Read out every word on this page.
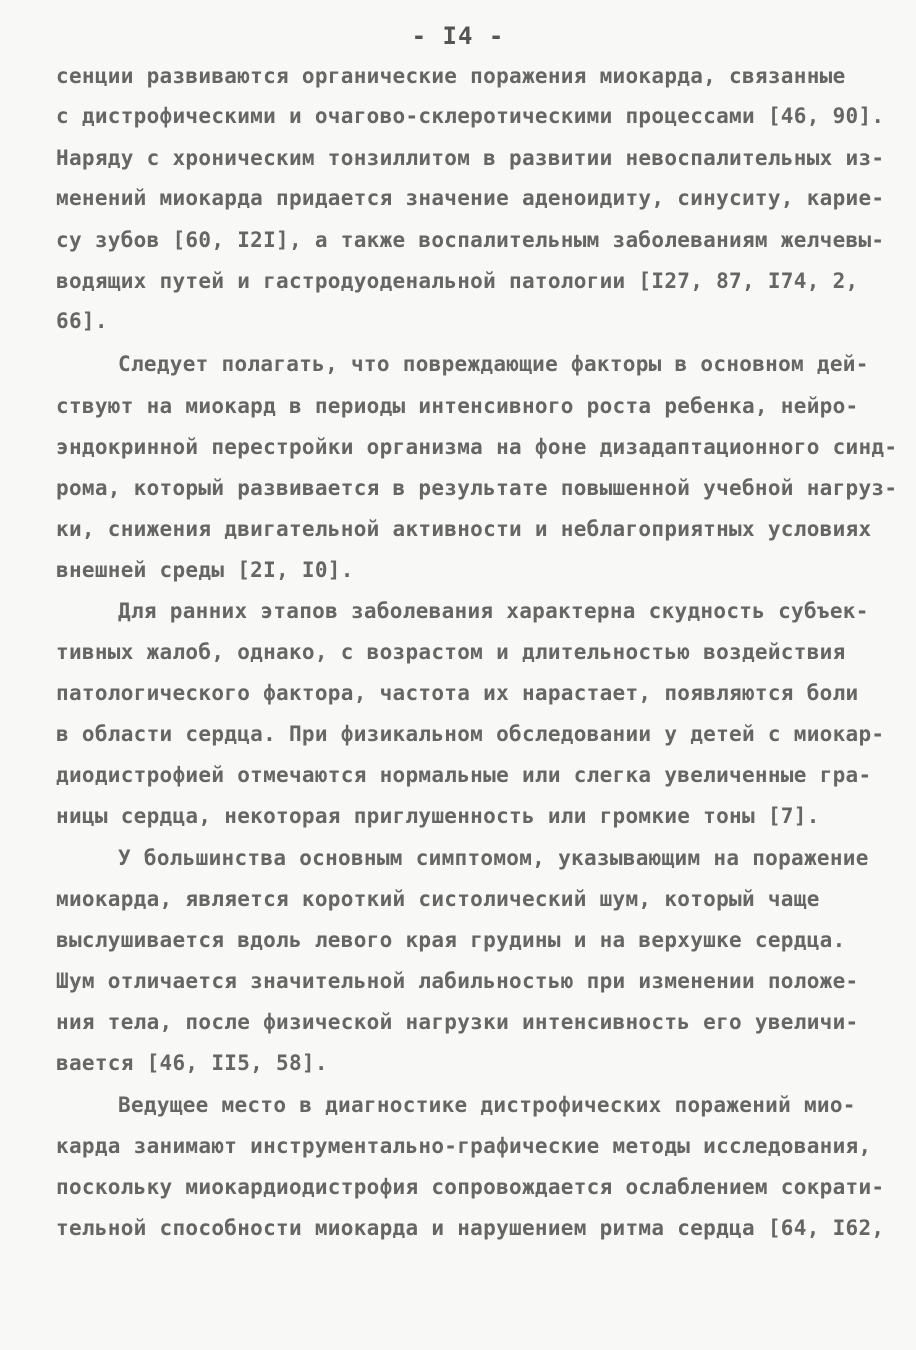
- I4 -
сенции развиваются органические поражения миокарда, связанные
с дистрофическими и очагово-склеротическими процессами [46, 90].
Наряду с хроническим тонзиллитом в развитии невоспалительных из-
менений миокарда придается значение аденоидиту, синуситу, карие-
су зубов [60, I2I], а также воспалительным заболеваниям желчевы-
водящих путей и гастродуоденальной патологии [I27, 87, I74, 2,
66].
Следует полагать, что повреждающие факторы в основном дей-
ствуют на миокард в периоды интенсивного роста ребенка, нейро-
эндокринной перестройки организма на фоне дизадаптационного синд-
рома, который развивается в результате повышенной учебной нагруз-
ки, снижения двигательной активности и неблагоприятных условиях
внешней среды [2I, I0].
Для ранних этапов заболевания характерна скудность субъек-
тивных жалоб, однако, с возрастом и длительностью воздействия
патологического фактора, частота их нарастает, появляются боли
в области сердца. При физикальном обследовании у детей с миокар-
диодистрофией отмечаются нормальные или слегка увеличенные гра-
ницы сердца, некоторая приглушенность или громкие тоны [7].
У большинства основным симптомом, указывающим на поражение
миокарда, является короткий систолический шум, который чаще
выслушивается вдоль левого края грудины и на верхушке сердца.
Шум отличается значительной лабильностью при изменении положе-
ния тела, после физической нагрузки интенсивность его увеличи-
вается [46, II5, 58].
Ведущее место в диагностике дистрофических поражений мио-
карда занимают инструментально-графические методы исследования,
поскольку миокардиодистрофия сопровождается ослаблением сократи-
тельной способности миокарда и нарушением ритма сердца [64, I62,
